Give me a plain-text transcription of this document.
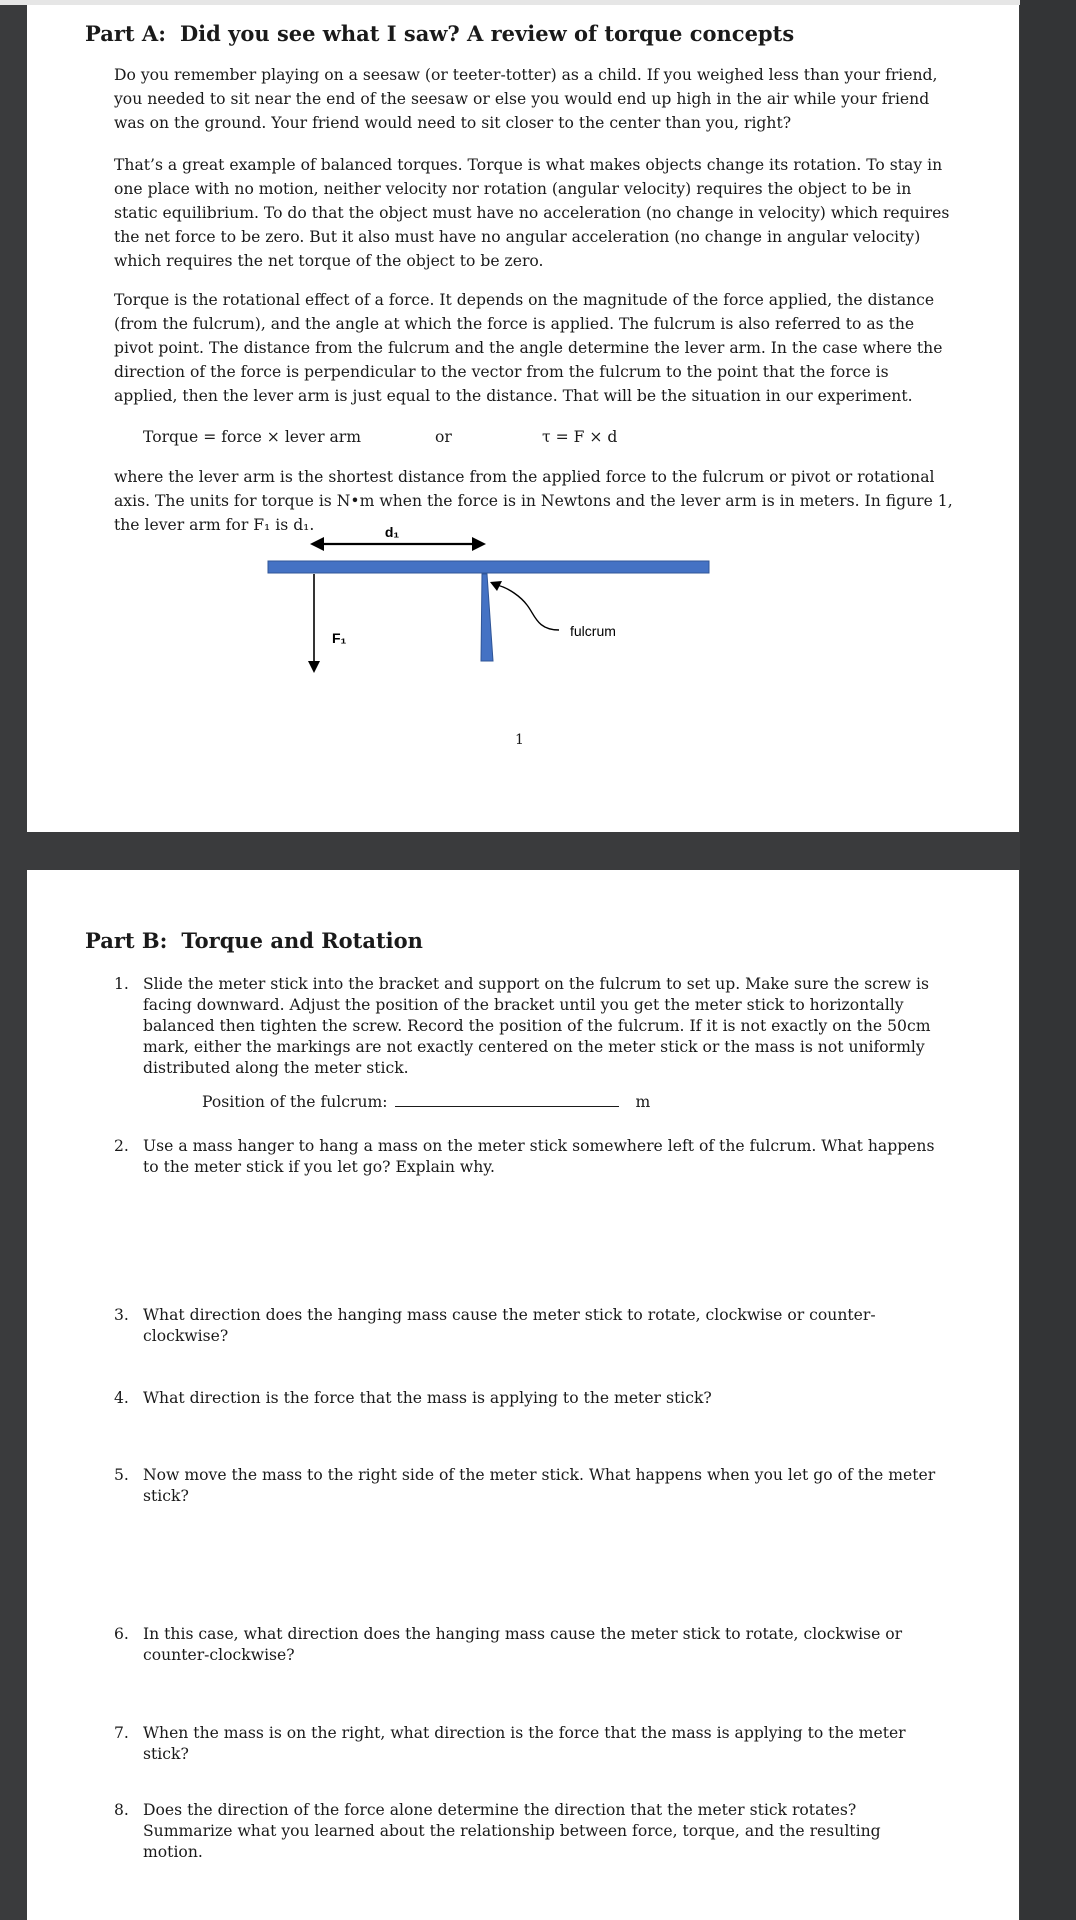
Part A: Did you see what I saw? A review of torque concepts

Do you remember playing on a seesaw (or teeter-totter) as a child. If you weighed less than your friend, you needed to sit near the end of the seesaw or else you would end up high in the air while your friend was on the ground. Your friend would need to sit closer to the center than you, right?

That’s a great example of balanced torques. Torque is what makes objects change its rotation. To stay in one place with no motion, neither velocity nor rotation (angular velocity) requires the object to be in static equilibrium. To do that the object must have no acceleration (no change in velocity) which requires the net force to be zero. But it also must have no angular acceleration (no change in angular velocity) which requires the net torque of the object to be zero.

Torque is the rotational effect of a force. It depends on the magnitude of the force applied, the distance (from the fulcrum), and the angle at which the force is applied. The fulcrum is also referred to as the pivot point. The distance from the fulcrum and the angle determine the lever arm. In the case where the direction of the force is perpendicular to the vector from the fulcrum to the point that the force is applied, then the lever arm is just equal to the distance. That will be the situation in our experiment.

Torque = force × lever arm	or	τ = F × d

where the lever arm is the shortest distance from the applied force to the fulcrum or pivot or rotational axis. The units for torque is N•m when the force is in Newtons and the lever arm is in meters. In figure 1, the lever arm for F₁ is d₁.	d₁
F₁	fulcrum
1
Part B: Torque and Rotation
1. Slide the meter stick into the bracket and support on the fulcrum to set up. Make sure the screw is facing downward. Adjust the position of the bracket until you get the meter stick to horizontally balanced then tighten the screw. Record the position of the fulcrum. If it is not exactly on the 50cm mark, either the markings are not exactly centered on the meter stick or the mass is not uniformly distributed along the meter stick.
Position of the fulcrum:	m
2. Use a mass hanger to hang a mass on the meter stick somewhere left of the fulcrum. What happens to the meter stick if you let go? Explain why.
3. What direction does the hanging mass cause the meter stick to rotate, clockwise or counter-clockwise?
4. What direction is the force that the mass is applying to the meter stick?
5. Now move the mass to the right side of the meter stick. What happens when you let go of the meter stick?
6. In this case, what direction does the hanging mass cause the meter stick to rotate, clockwise or counter-clockwise?
7. When the mass is on the right, what direction is the force that the mass is applying to the meter stick?
8. Does the direction of the force alone determine the direction that the meter stick rotates? Summarize what you learned about the relationship between force, torque, and the resulting motion.
